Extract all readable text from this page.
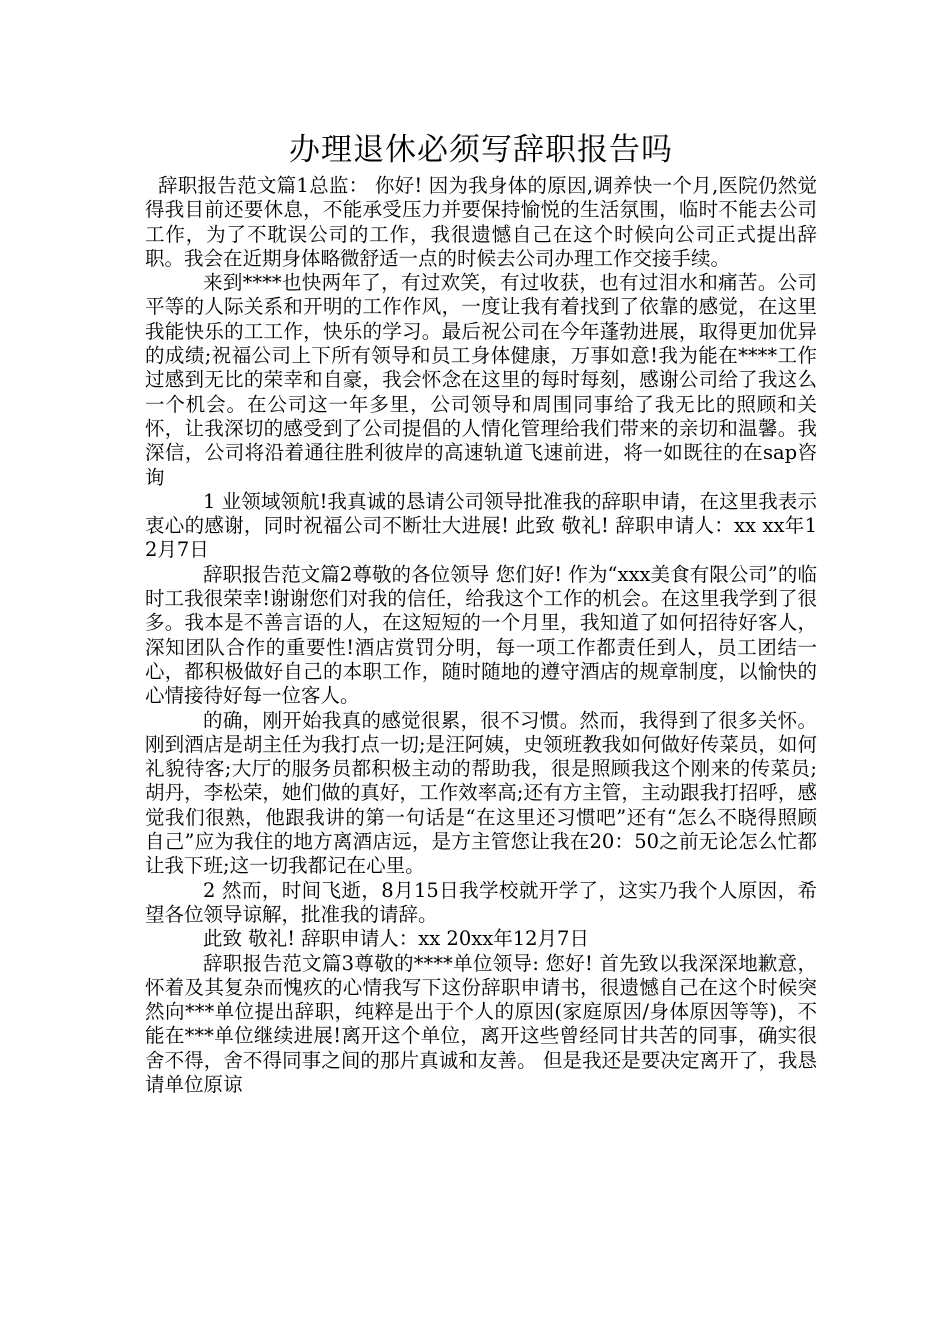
办理退休必须写辞职报告吗

辞职报告范文篇1总监： 你好! 因为我身体的原因,调养快一个月,医院仍然觉得我目前还要休息，不能承受压力并要保持愉悦的生活氛围，临时不能去公司工作，为了不耽误公司的工作，我很遗憾自己在这个时候向公司正式提出辞职。我会在近期身体略微舒适一点的时候去公司办理工作交接手续。

来到****也快两年了，有过欢笑，有过收获，也有过泪水和痛苦。公司平等的人际关系和开明的工作作风，一度让我有着找到了依靠的感觉，在这里我能快乐的工工作，快乐的学习。最后祝公司在今年蓬勃进展，取得更加优异的成绩;祝福公司上下所有领导和员工身体健康，万事如意!我为能在****工作过感到无比的荣幸和自豪，我会怀念在这里的每时每刻，感谢公司给了我这么一个机会。在公司这一年多里，公司领导和周围同事给了我无比的照顾和关怀，让我深切的感受到了公司提倡的人情化管理给我们带来的亲切和温馨。我深信，公司将沿着通往胜利彼岸的高速轨道飞速前进，将一如既往的在sap咨询

1 业领域领航!我真诚的恳请公司领导批准我的辞职申请，在这里我表示衷心的感谢，同时祝福公司不断壮大进展! 此致 敬礼! 辞职申请人：xx xx年12月7日

辞职报告范文篇2尊敬的各位领导 您们好! 作为“xxx美食有限公司”的临时工我很荣幸!谢谢您们对我的信任，给我这个工作的机会。在这里我学到了很多。我本是不善言语的人，在这短短的一个月里，我知道了如何招待好客人，深知团队合作的重要性!酒店赏罚分明，每一项工作都责任到人，员工团结一心，都积极做好自己的本职工作，随时随地的遵守酒店的规章制度，以愉快的心情接待好每一位客人。

的确，刚开始我真的感觉很累，很不习惯。然而，我得到了很多关怀。刚到酒店是胡主任为我打点一切;是汪阿姨，史领班教我如何做好传菜员，如何礼貌待客;大厅的服务员都积极主动的帮助我，很是照顾我这个刚来的传菜员;胡丹，李松荣，她们做的真好，工作效率高;还有方主管，主动跟我打招呼，感觉我们很熟，他跟我讲的第一句话是“在这里还习惯吧”还有“怎么不晓得照顾自己”应为我住的地方离酒店远，是方主管您让我在20：50之前无论怎么忙都让我下班;这一切我都记在心里。

2 然而，时间飞逝，8月15日我学校就开学了，这实乃我个人原因，希望各位领导谅解，批准我的请辞。

此致 敬礼! 辞职申请人：xx 20xx年12月7日

辞职报告范文篇3尊敬的****单位领导: 您好! 首先致以我深深地歉意，怀着及其复杂而愧疚的心情我写下这份辞职申请书，很遗憾自己在这个时候突然向***单位提出辞职，纯粹是出于个人的原因(家庭原因/身体原因等等)，不能在***单位继续进展!离开这个单位，离开这些曾经同甘共苦的同事，确实很舍不得，舍不得同事之间的那片真诚和友善。 但是我还是要决定离开了，我恳请单位原谅
